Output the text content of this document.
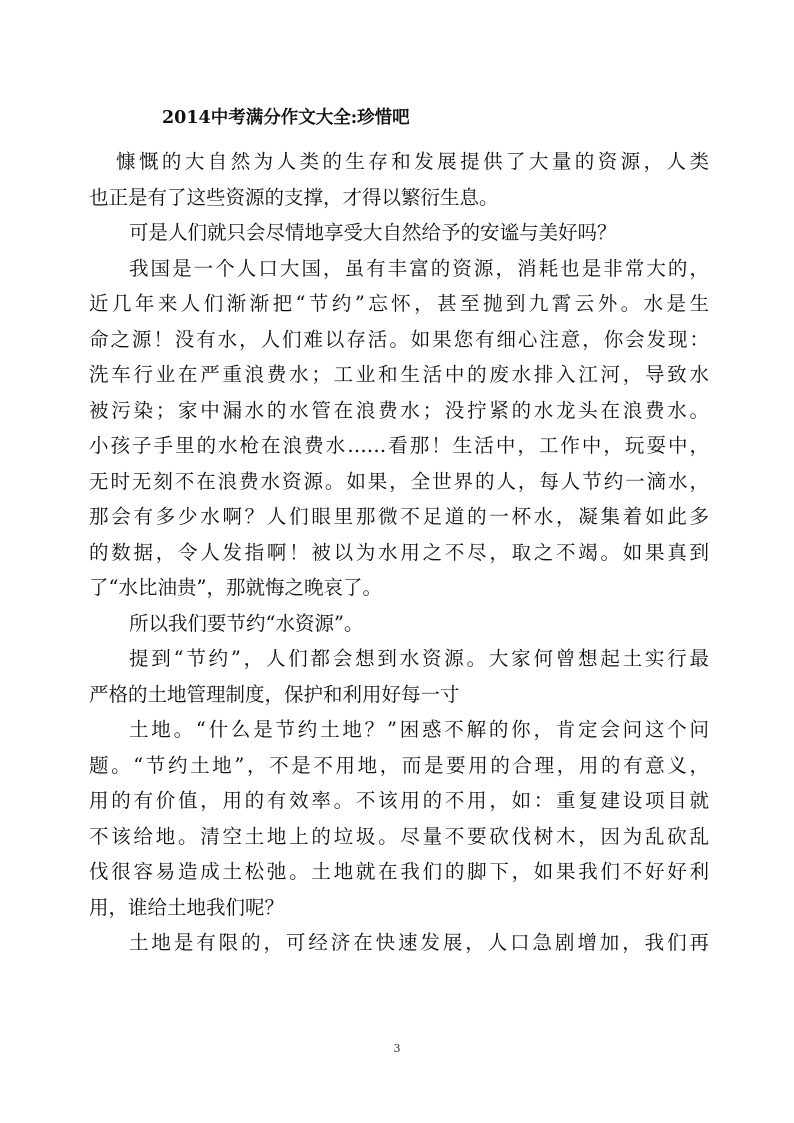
2014中考满分作文大全:珍惜吧
慷慨的大自然为人类的生存和发展提供了大量的资源，人类
也正是有了这些资源的支撑，才得以繁衍生息。
可是人们就只会尽情地享受大自然给予的安谧与美好吗？
我国是一个人口大国，虽有丰富的资源，消耗也是非常大的，
近几年来人们渐渐把“节约”忘怀，甚至抛到九霄云外。水是生
命之源！没有水，人们难以存活。如果您有细心注意，你会发现：
洗车行业在严重浪费水；工业和生活中的废水排入江河，导致水
被污染；家中漏水的水管在浪费水；没拧紧的水龙头在浪费水。
小孩子手里的水枪在浪费水……看那！生活中，工作中，玩耍中，
无时无刻不在浪费水资源。如果，全世界的人，每人节约一滴水，
那会有多少水啊？人们眼里那微不足道的一杯水，凝集着如此多
的数据，令人发指啊！被以为水用之不尽，取之不竭。如果真到
了“水比油贵”，那就悔之晚哀了。
所以我们要节约“水资源”。
提到“节约”，人们都会想到水资源。大家何曾想起土实行最
严格的土地管理制度，保护和利用好每一寸
土地。“什么是节约土地？”困惑不解的你，肯定会问这个问
题。“节约土地”，不是不用地，而是要用的合理，用的有意义，
用的有价值，用的有效率。不该用的不用，如：重复建设项目就
不该给地。清空土地上的垃圾。尽量不要砍伐树木，因为乱砍乱
伐很容易造成土松弛。土地就在我们的脚下，如果我们不好好利
用，谁给土地我们呢？
土地是有限的，可经济在快速发展，人口急剧增加，我们再
3
